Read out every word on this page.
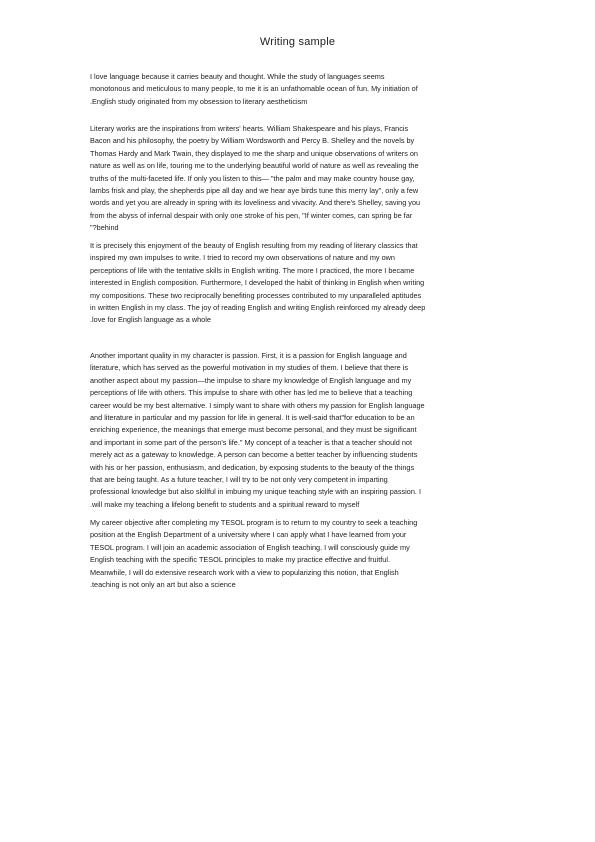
Writing sample
I love language because it carries beauty and thought. While the study of languages seems
monotonous and meticulous to many people, to me it is an unfathomable ocean of fun. My initiation of
.English study originated from my obsession to literary aestheticism
Literary works are the inspirations from writers' hearts. William Shakespeare and his plays, Francis
Bacon and his philosophy, the poetry by William Wordsworth and Percy B. Shelley and the novels by
Thomas Hardy and Mark Twain, they displayed to me the sharp and unique observations of writers on
nature as well as on life, touring me to the underlying beautiful world of nature as well as revealing the
truths of the multi-faceted life. If only you listen to this— "the palm and may make country house gay,
lambs frisk and play, the shepherds pipe all day and we hear aye birds tune this merry lay", only a few
words and yet you are already in spring with its loveliness and vivacity. And there's Shelley, saving you
from the abyss of infernal despair with only one stroke of his pen, "If winter comes, can spring be far
"?behind
It is precisely this enjoyment of the beauty of English resulting from my reading of literary classics that
inspired my own impulses to write. I tried to record my own observations of nature and my own
perceptions of life with the tentative skills in English writing. The more I practiced, the more I became
interested in English composition. Furthermore, I developed the habit of thinking in English when writing
my compositions. These two reciprocally benefiting processes contributed to my unparalleled aptitudes
in written English in my class. The joy of reading English and writing English reinforced my already deep
.love for English language as a whole
Another important quality in my character is passion. First, it is a passion for English language and
literature, which has served as the powerful motivation in my studies of them. I believe that there is
another aspect about my passion—the impulse to share my knowledge of English language and my
perceptions of life with others. This impulse to share with other has led me to believe that a teaching
career would be my best alternative. I simply want to share with others my passion for English language
and literature in particular and my passion for life in general. It is well-said that"for education to be an
enriching experience, the meanings that emerge must become personal, and they must be significant
and important in some part of the person's life." My concept of a teacher is that a teacher should not
merely act as a gateway to knowledge. A person can become a better teacher by influencing students
with his or her passion, enthusiasm, and dedication, by exposing students to the beauty of the things
that are being taught. As a future teacher, I will try to be not only very competent in imparting
professional knowledge but also skillful in imbuing my unique teaching style with an inspiring passion. I
.will make my teaching a lifelong benefit to students and a spiritual reward to myself
My career objective after completing my TESOL program is to return to my country to seek a teaching
position at the English Department of a university where I can apply what I have learned from your
TESOL program. I will join an academic association of English teaching. I will consciously guide my
English teaching with the specific TESOL principles to make my practice effective and fruitful.
Meanwhile, I will do extensive research work with a view to popularizing this notion, that English
.teaching is not only an art but also a science
